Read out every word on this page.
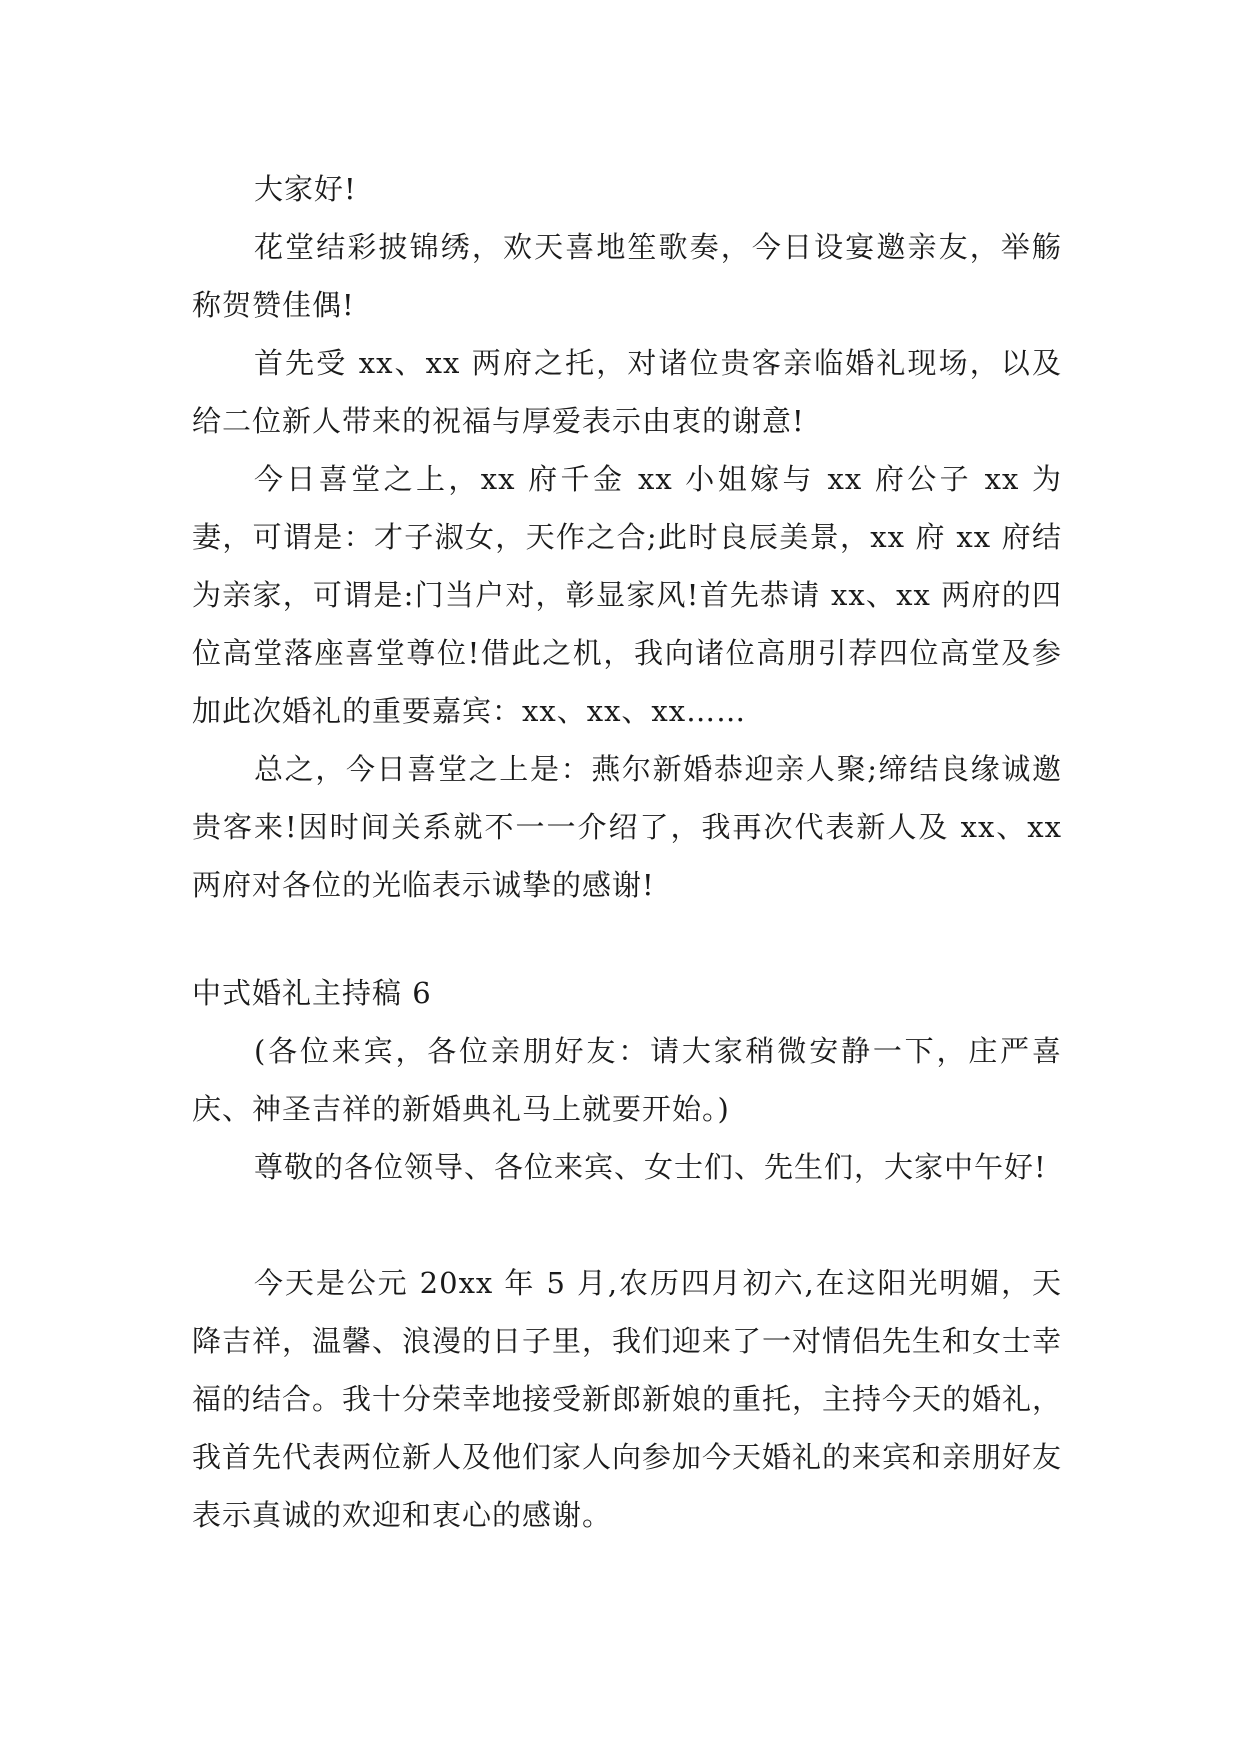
大家好!

花堂结彩披锦绣，欢天喜地笙歌奏，今日设宴邀亲友，举觞称贺赞佳偶!

首先受 xx、xx 两府之托，对诸位贵客亲临婚礼现场，以及给二位新人带来的祝福与厚爱表示由衷的谢意!

今日喜堂之上，xx 府千金 xx 小姐嫁与 xx 府公子 xx 为妻，可谓是：才子淑女，天作之合;此时良辰美景，xx 府 xx 府结为亲家，可谓是:门当户对，彰显家风!首先恭请 xx、xx 两府的四位高堂落座喜堂尊位!借此之机，我向诸位高朋引荐四位高堂及参加此次婚礼的重要嘉宾：xx、xx、xx……

总之，今日喜堂之上是：燕尔新婚恭迎亲人聚;缔结良缘诚邀贵客来!因时间关系就不一一介绍了，我再次代表新人及 xx、xx 两府对各位的光临表示诚挚的感谢!

中式婚礼主持稿 6

(各位来宾，各位亲朋好友：请大家稍微安静一下，庄严喜庆、神圣吉祥的新婚典礼马上就要开始。)

尊敬的各位领导、各位来宾、女士们、先生们，大家中午好!

今天是公元 20xx 年 5 月,农历四月初六,在这阳光明媚，天降吉祥，温馨、浪漫的日子里，我们迎来了一对情侣先生和女士幸福的结合。我十分荣幸地接受新郎新娘的重托，主持今天的婚礼，我首先代表两位新人及他们家人向参加今天婚礼的来宾和亲朋好友表示真诚的欢迎和衷心的感谢。
